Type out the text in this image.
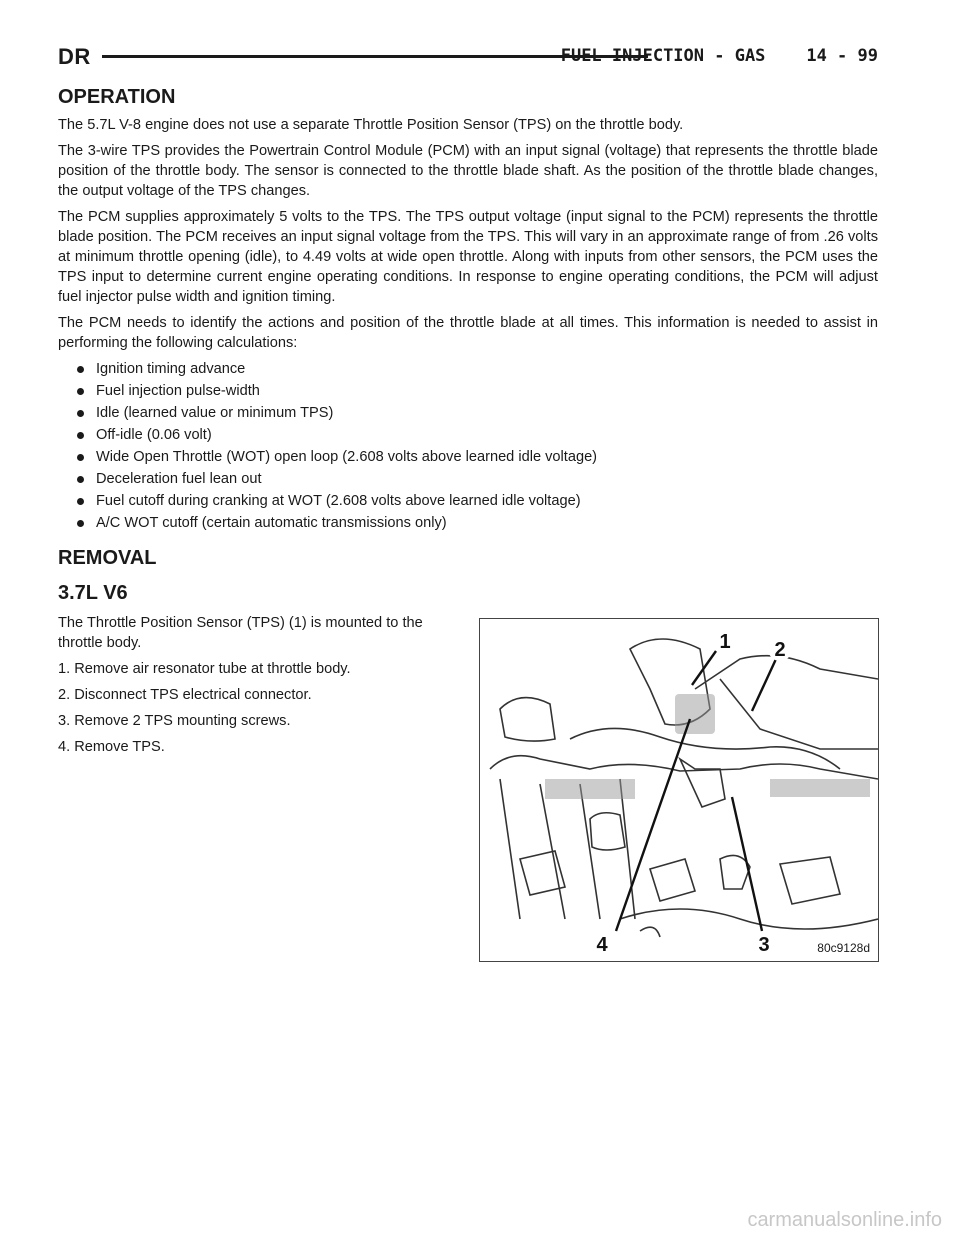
DR	FUEL INJECTION - GAS    14 - 99
OPERATION

The 5.7L V-8 engine does not use a separate Throttle Position Sensor (TPS) on the throttle body.

The 3-wire TPS provides the Powertrain Control Module (PCM) with an input signal (voltage) that represents the throttle blade position of the throttle body. The sensor is connected to the throttle blade shaft. As the position of the throttle blade changes, the output voltage of the TPS changes.

The PCM supplies approximately 5 volts to the TPS. The TPS output voltage (input signal to the PCM) represents the throttle blade position. The PCM receives an input signal voltage from the TPS. This will vary in an approximate range of from .26 volts at minimum throttle opening (idle), to 4.49 volts at wide open throttle. Along with inputs from other sensors, the PCM uses the TPS input to determine current engine operating conditions. In response to engine operating conditions, the PCM will adjust fuel injector pulse width and ignition timing.

The PCM needs to identify the actions and position of the throttle blade at all times. This information is needed to assist in performing the following calculations:

Ignition timing advance
Fuel injection pulse-width
Idle (learned value or minimum TPS)
Off-idle (0.06 volt)
Wide Open Throttle (WOT) open loop (2.608 volts above learned idle voltage)
Deceleration fuel lean out
Fuel cutoff during cranking at WOT (2.608 volts above learned idle voltage)
A/C WOT cutoff (certain automatic transmissions only)
REMOVAL
3.7L V6

The Throttle Position Sensor (TPS) (1) is mounted to the throttle body.

1. Remove air resonator tube at throttle body.

2. Disconnect TPS electrical connector.

3. Remove 2 TPS mounting screws.

4. Remove TPS.

1 2
3
4	80c9128d
carmanualsonline.info
